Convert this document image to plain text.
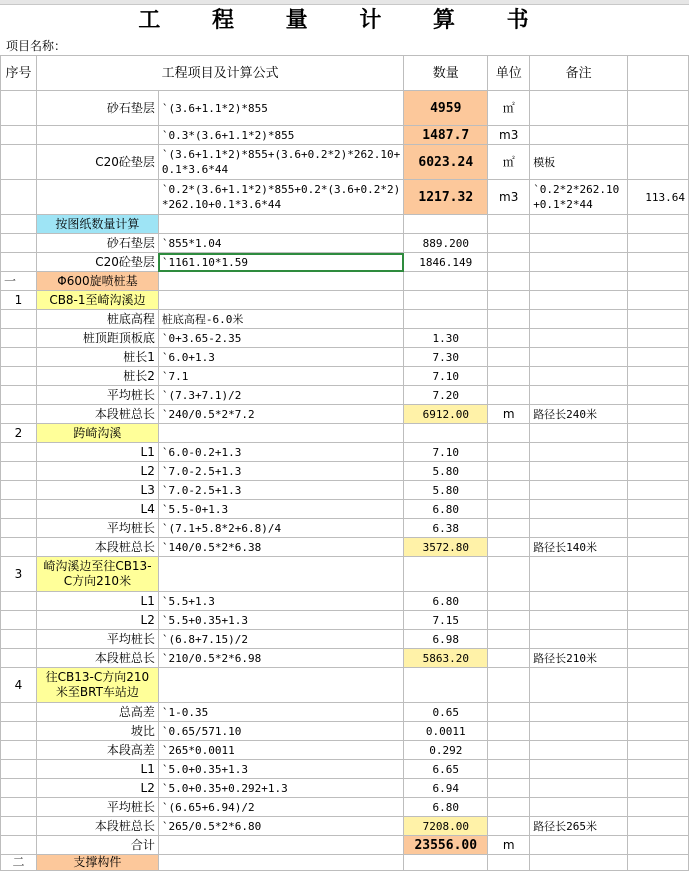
工 程 量 计 算 书
项目名称：
序号	工程项目及计算公式		数量	单位	备注	
	砂石垫层	`(3.6+1.1*2)*855	4959	㎡		
		`0.3*(3.6+1.1*2)*855	1487.7	m3		
	C20砼垫层	`(3.6+1.1*2)*855+(3.6+0.2*2)*262.10+0.1*3.6*44	6023.24	㎡	模板	
		`0.2*(3.6+1.1*2)*855+0.2*(3.6+0.2*2)*262.10+0.1*3.6*44	1217.32	m3	`0.2*2*262.10+0.1*2*44	113.64
	按图纸数量计算					
	砂石垫层	`855*1.04	889.200			
	C20砼垫层	`1161.10*1.59	1846.149			
一	Φ600旋喷桩基					
1	CB8-1至崎沟溪边					
	桩底高程	桩底高程-6.0米				
	桩顶距顶板底	`0+3.65-2.35	1.30			
	桩长1	`6.0+1.3	7.30			
	桩长2	`7.1	7.10			
	平均桩长	`(7.3+7.1)/2	7.20			
	本段桩总长	`240/0.5*2*7.2	6912.00	m	路径长240米	
2	跨崎沟溪					
	L1	`6.0-0.2+1.3	7.10			
	L2	`7.0-2.5+1.3	5.80			
	L3	`7.0-2.5+1.3	5.80			
	L4	`5.5-0+1.3	6.80			
	平均桩长	`(7.1+5.8*2+6.8)/4	6.38			
	本段桩总长	`140/0.5*2*6.38	3572.80		路径长140米	
3	崎沟溪边至往CB13-C方向210米					
	L1	`5.5+1.3	6.80			
	L2	`5.5+0.35+1.3	7.15			
	平均桩长	`(6.8+7.15)/2	6.98			
	本段桩总长	`210/0.5*2*6.98	5863.20		路径长210米	
4	往CB13-C方向210米至BRT车站边					
	总高差	`1-0.35	0.65			
	坡比	`0.65/571.10	0.0011			
	本段高差	`265*0.0011	0.292			
	L1	`5.0+0.35+1.3	6.65			
	L2	`5.0+0.35+0.292+1.3	6.94			
	平均桩长	`(6.65+6.94)/2	6.80			
	本段桩总长	`265/0.5*2*6.80	7208.00		路径长265米	
	合计		23556.00	m		
二	支撑构件					
